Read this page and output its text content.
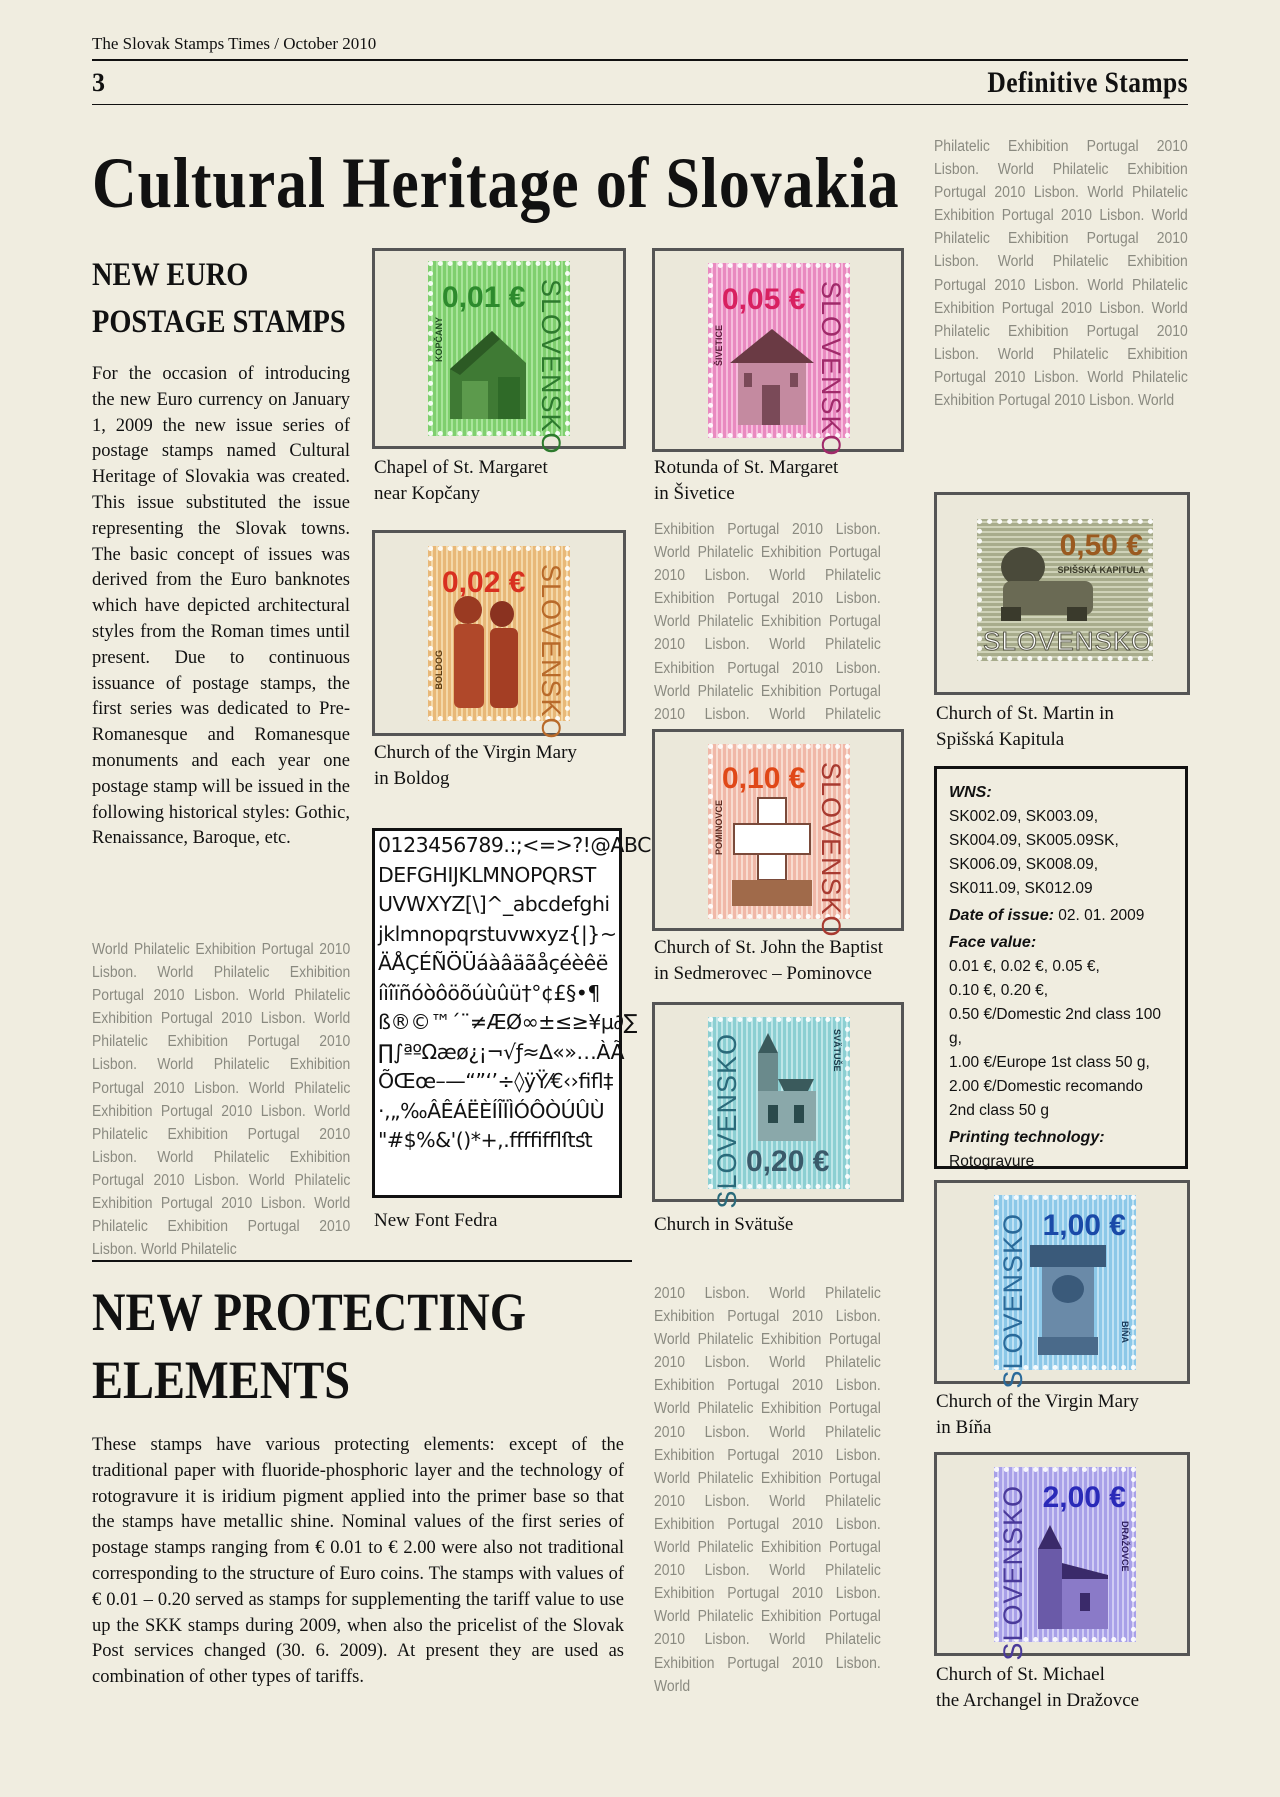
The Slovak Stamps Times / October 2010
3	Definitive Stamps
Cultural Heritage of Slovakia
NEW EURO
POSTAGE STAMPS
For the occasion of introducing the new Euro currency on January 1, 2009 the new issue series of postage stamps named Cultural Heritage of Slovakia was created. This issue substituted the issue representing the Slovak towns. The basic concept of issues was derived from the Euro banknotes which have depicted architectural styles from the Roman times until present. Due to continuous issuance of postage stamps, the first series was dedicated to Pre-Romanesque and Romanesque monuments and each year one postage stamp will be issued in the following historical styles: Gothic, Renaissance, Baroque, etc.
World Philatelic Exhibition Portugal 2010 Lisbon. World Philatelic Exhibition Portugal 2010 Lisbon. World Philatelic Exhibition Portugal 2010 Lisbon. World Philatelic Exhibition Portugal 2010 Lisbon. World Philatelic Exhibition Portugal 2010 Lisbon. World Philatelic Exhibition Portugal 2010 Lisbon. World Philatelic Exhibition Portugal 2010 Lisbon. World Philatelic Exhibition Portugal 2010 Lisbon. World Philatelic Exhibition Portugal 2010 Lisbon. World Philatelic Exhibition Portugal 2010 Lisbon. World Philatelic
0,01 € SLOVENSKO
KOPČANY
Chapel of St. Margaret
near Kopčany
0,02 € SLOVENSKO
BOLDOG
Church of the Virgin Mary
in Boldog
0123456789.:;<=>?!@ABC
DEFGHIJKLMNOPQRST
UVWXYZ[\]^_abcdefghi
jklmnopqrstuvwxyz{|}~
ÄÅÇÉÑÖÜáàâäãåçéèêë
íìîïñóòôöõúùûü†°¢£§•¶
ß®©™´¨≠ÆØ∞±≤≥¥µ∂∑
∏∫ªºΩæø¿¡¬√ƒ≈∆«»…ÀÃ
ÕŒœ–—“”‘’÷◊ÿŸ⁄€‹›ﬁﬂ‡
·‚„‰ÂÊÁËÈÍÎÏÌÓÔÒÚÛÙ
"#$%&'()*+,.ﬀﬃﬄﬅﬆ
New Font Fedra
0,05 € SLOVENSKO
ŠIVETICE
Rotunda of St. Margaret
in Šivetice
Exhibition Portugal 2010 Lisbon. World Philatelic Exhibition Portugal 2010 Lisbon. World Philatelic Exhibition Portugal 2010 Lisbon. World Philatelic Exhibition Portugal 2010 Lisbon. World Philatelic Exhibition Portugal 2010 Lisbon. World Philatelic Exhibition Portugal 2010 Lisbon. World Philatelic
0,10 € SLOVENSKO
POMINOVCE
Church of St. John the Baptist
in Sedmerovec – Pominovce
0,20 €
SLOVENSKO	SVÄTUŠE
Church in Svätuše
2010 Lisbon. World Philatelic Exhibition Portugal 2010 Lisbon. World Philatelic Exhibition Portugal 2010 Lisbon. World Philatelic Exhibition Portugal 2010 Lisbon. World Philatelic Exhibition Portugal 2010 Lisbon. World Philatelic Exhibition Portugal 2010 Lisbon. World Philatelic Exhibition Portugal 2010 Lisbon. World Philatelic Exhibition Portugal 2010 Lisbon. World Philatelic Exhibition Portugal 2010 Lisbon. World Philatelic Exhibition Portugal 2010 Lisbon. World Philatelic Exhibition Portugal 2010 Lisbon. World Philatelic Exhibition Portugal 2010 Lisbon. World
Philatelic Exhibition Portugal 2010 Lisbon. World Philatelic Exhibition Portugal 2010 Lisbon. World Philatelic Exhibition Portugal 2010 Lisbon. World Philatelic Exhibition Portugal 2010 Lisbon. World Philatelic Exhibition Portugal 2010 Lisbon. World Philatelic Exhibition Portugal 2010 Lisbon. World Philatelic Exhibition Portugal 2010 Lisbon. World Philatelic Exhibition Portugal 2010 Lisbon. World Philatelic Exhibition Portugal 2010 Lisbon. World
0,50 €
SPIŠSKÁ KAPITULA
SLOVENSKO
Church of St. Martin in
Spišská Kapitula

WNS:
SK002.09, SK003.09, SK004.09, SK005.09SK, SK006.09, SK008.09, SK011.09, SK012.09

Date of issue: 02. 01. 2009

Face value:
0.01 €, 0.02 €, 0.05 €,
0.10 €, 0.20 €,
0.50 €/Domestic 2nd class 100 g,
1.00 €/Europe 1st class 50 g,
2.00 €/Domestic recomando 2nd class 50 g

Printing technology:
Rotogravure

1,00 €
SLOVENSKO	BÍŇA
Church of the Virgin Mary
in Bíňa
2,00 €
SLOVENSKO	DRAŽOVCE
Church of St. Michael
the Archangel in Dražovce
NEW PROTECTING
ELEMENTS
These stamps have various protecting elements: except of the traditional paper with fluoride-phosphoric layer and the technology of rotogravure it is iridium pigment applied into the primer base so that the stamps have metallic shine. Nominal values of the first series of postage stamps ranging from € 0.01 to € 2.00 were also not traditional corresponding to the structure of Euro coins. The stamps with values of € 0.01 – 0.20 served as stamps for supplementing the tariff value to use up the SKK stamps during 2009, when also the pricelist of the Slovak Post services changed (30. 6. 2009). At present they are used as combination of other types of tariffs.
